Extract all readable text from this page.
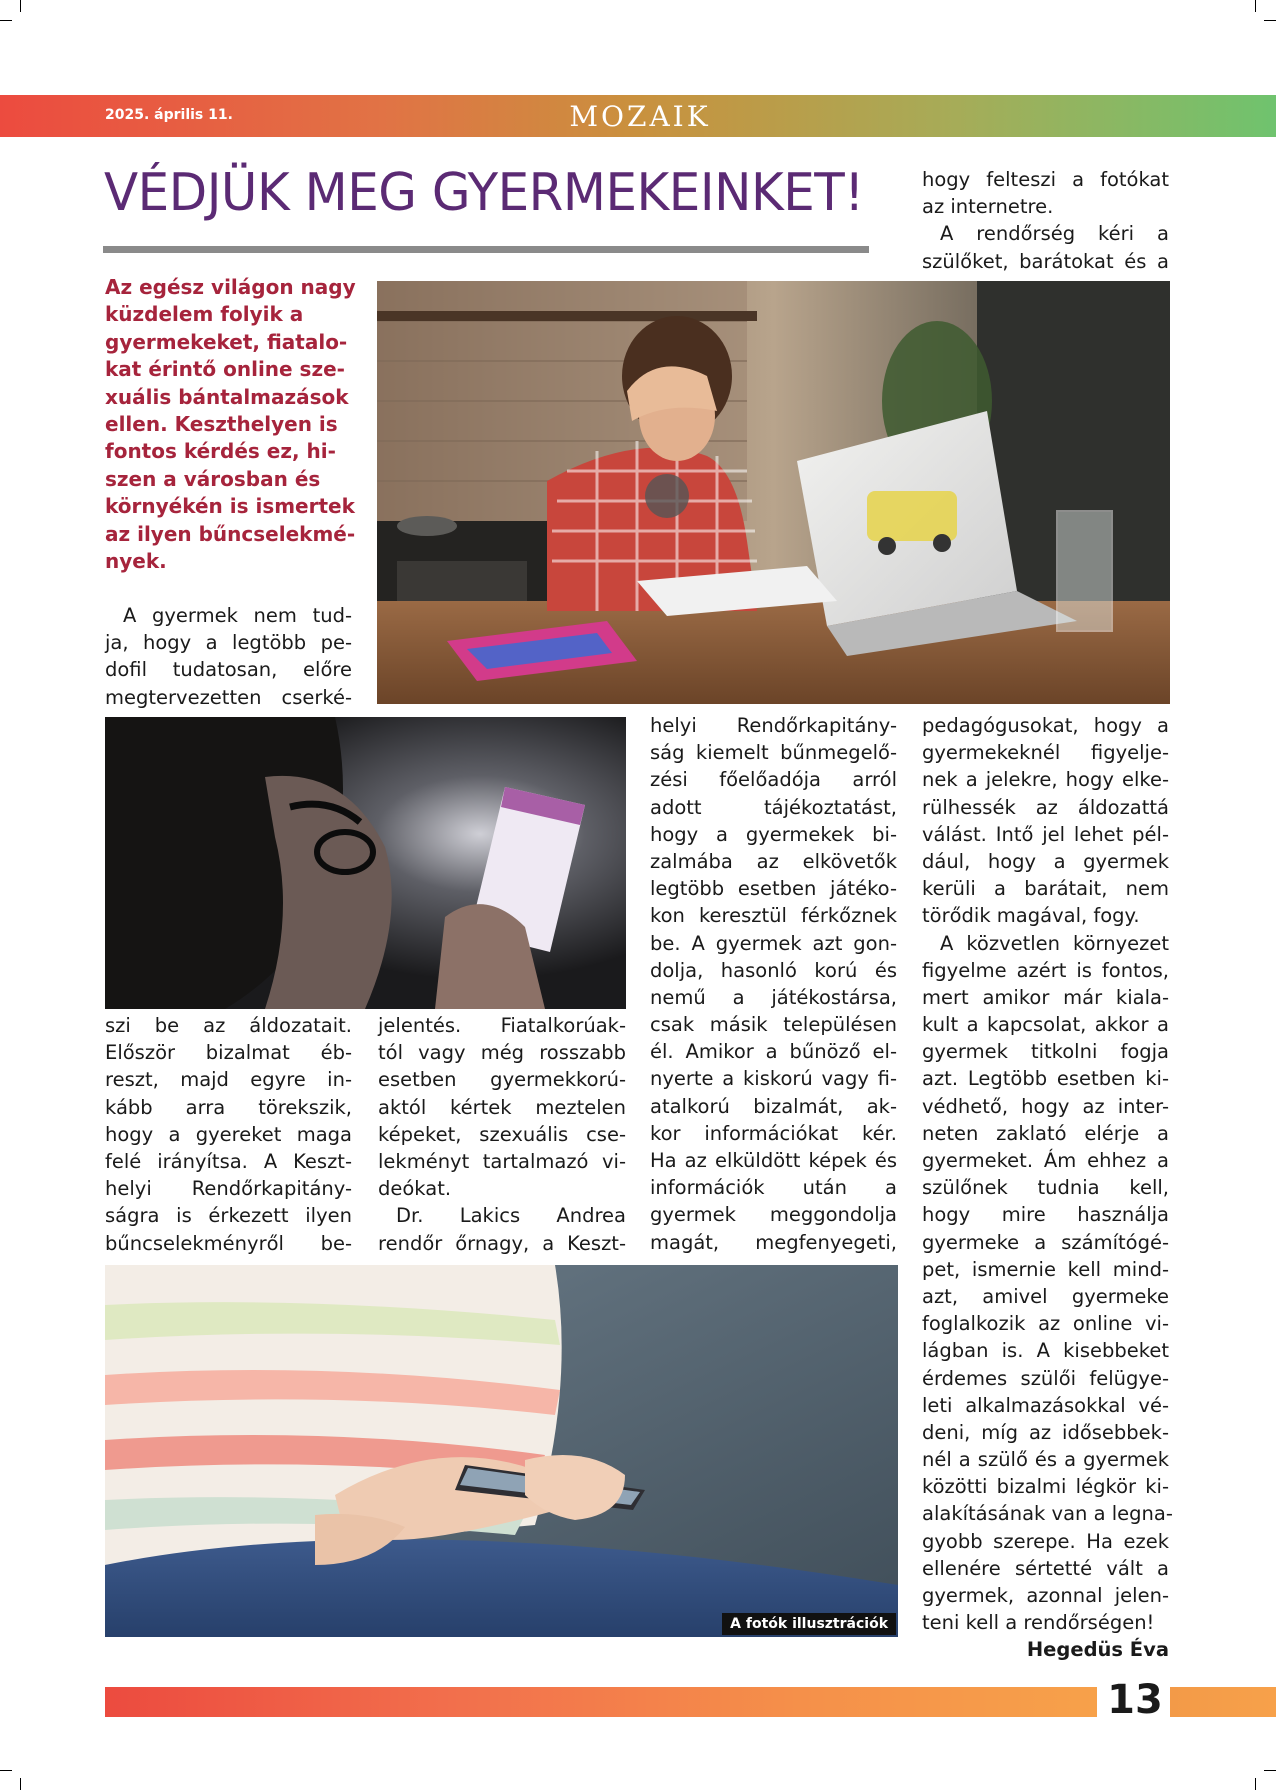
2025. április 11.	MOZAIK
VÉDJÜK MEG GYERMEKEINKET!
Az egész világon nagy
küzdelem folyik a
gyermekeket, fiatalo-
kat érintő online sze-
xuális bántalmazások
ellen. Keszthelyen is
fontos kérdés ez, hi-
szen a városban és
környékén is ismertek
az ilyen bűncselekmé-
nyek.
A gyermek nem tud-
ja, hogy a legtöbb pe-
dofil tudatosan, előre
megtervezetten cserké-
szi be az áldozatait.
Először bizalmat éb-
reszt, majd egyre in-
kább arra törekszik,
hogy a gyereket maga
felé irányítsa. A Keszt-
helyi Rendőrkapitány-
ságra is érkezett ilyen
bűncselekményről be-
jelentés. Fiatalkorúak-
tól vagy még rosszabb
esetben gyermekkorú-
aktól kértek meztelen
képeket, szexuális cse-
lekményt tartalmazó vi-
deókat.
Dr. Lakics Andrea
rendőr őrnagy, a Keszt-
helyi Rendőrkapitány-
ság kiemelt bűnmegelő-
zési főelőadója arról
adott tájékoztatást,
hogy a gyermekek bi-
zalmába az elkövetők
legtöbb esetben játéko-
kon keresztül férkőznek
be. A gyermek azt gon-
dolja, hasonló korú és
nemű a játékostársa,
csak másik településen
él. Amikor a bűnöző el-
nyerte a kiskorú vagy fi-
atalkorú bizalmát, ak-
kor információkat kér.
Ha az elküldött képek és
információk után a
gyermek meggondolja
magát, megfenyegeti,
hogy felteszi a fotókat
az internetre.
A rendőrség kéri a
szülőket, barátokat és a
pedagógusokat, hogy a
gyermekeknél figyelje-
nek a jelekre, hogy elke-
rülhessék az áldozattá
válást. Intő jel lehet pél-
dául, hogy a gyermek
kerüli a barátait, nem
törődik magával, fogy.
A közvetlen környezet
figyelme azért is fontos,
mert amikor már kiala-
kult a kapcsolat, akkor a
gyermek titkolni fogja
azt. Legtöbb esetben ki-
védhető, hogy az inter-
neten zaklató elérje a
gyermeket. Ám ehhez a
szülőnek tudnia kell,
hogy mire használja
gyermeke a számítógé-
pet, ismernie kell mind-
azt, amivel gyermeke
foglalkozik az online vi-
lágban is. A kisebbeket
érdemes szülői felügye-
leti alkalmazásokkal vé-
deni, míg az idősebbek-
nél a szülő és a gyermek
közötti bizalmi légkör ki-
alakításának van a legna-
gyobb szerepe. Ha ezek
ellenére sértetté vált a
gyermek, azonnal jelen-
teni kell a rendőrségen!
Hegedüs Éva
A fotók illusztrációk
13
